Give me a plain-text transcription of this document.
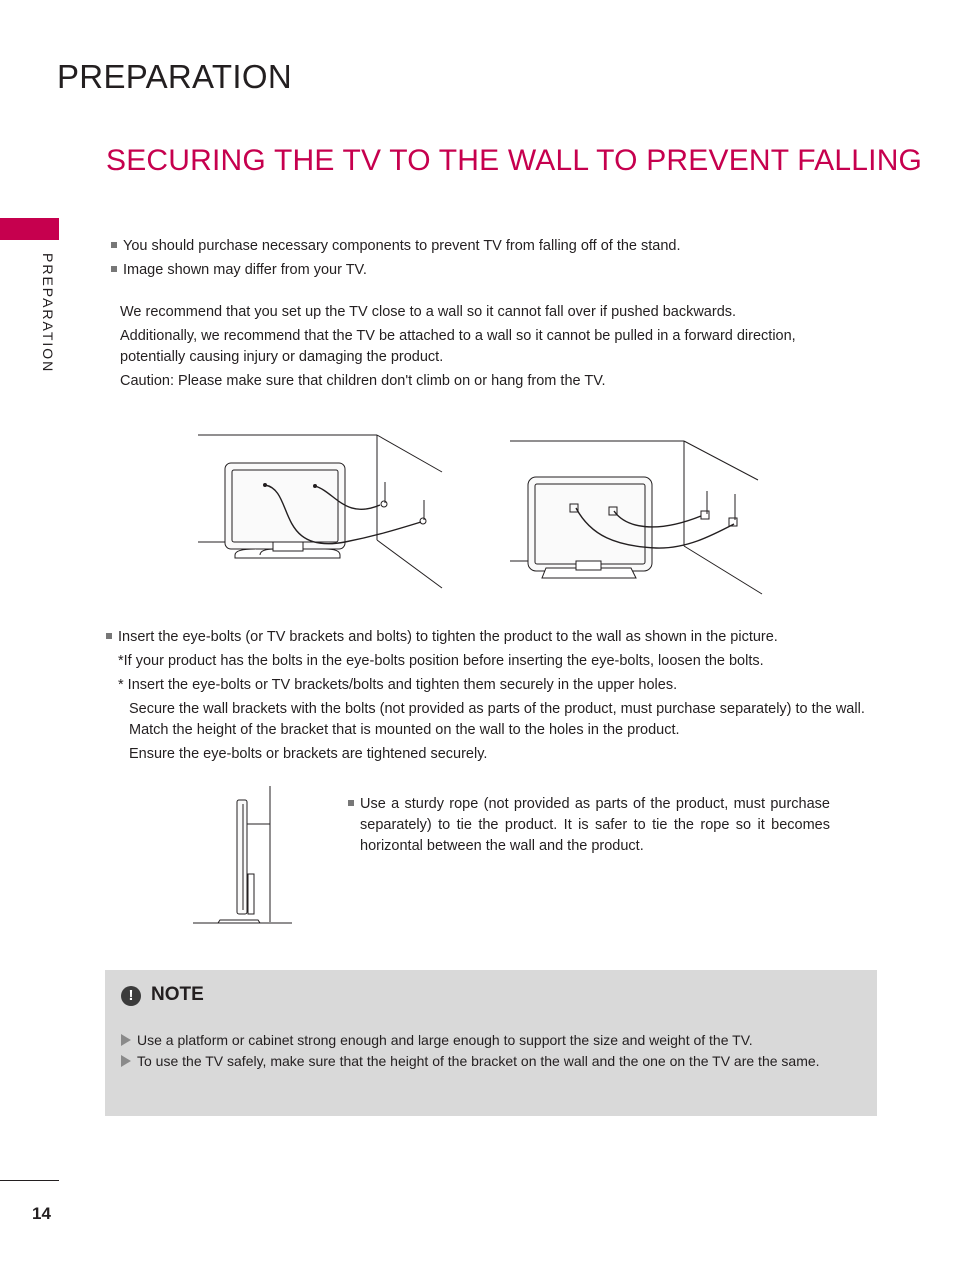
PREPARATION
SECURING THE TV TO THE WALL TO PREVENT FALLING
PREPARATION
You should purchase necessary components to prevent TV from falling off of the stand.
Image shown may differ from your TV.
We recommend that you set up the TV close to a wall so it cannot fall over if pushed backwards.
Additionally, we recommend that the TV be attached to a wall so it cannot be pulled in a forward direction, potentially causing injury or damaging the product.
Caution: Please make sure that children don't climb on or hang from the TV.
Insert the eye-bolts (or TV brackets and bolts) to tighten the product to the wall as shown in the picture.
*If your product has the bolts in the eye-bolts position before inserting the eye-bolts, loosen the bolts.
* Insert the eye-bolts or TV brackets/bolts and tighten them securely in the upper holes.
Secure the wall brackets with the bolts (not provided as parts of the product, must purchase separately) to the wall. Match the height of the bracket that is mounted on the wall to the holes in the product.
Ensure the eye-bolts or brackets are tightened securely.
Use a sturdy rope (not provided as parts of the product, must purchase separately) to tie the product. It is safer to tie the rope so it becomes horizontal between the wall and the product.
! NOTE
Use a platform or cabinet strong enough and large enough to support the size and weight of the TV.
To use the TV safely, make sure that the height of the bracket on the wall and the one on the TV are the same.
14
